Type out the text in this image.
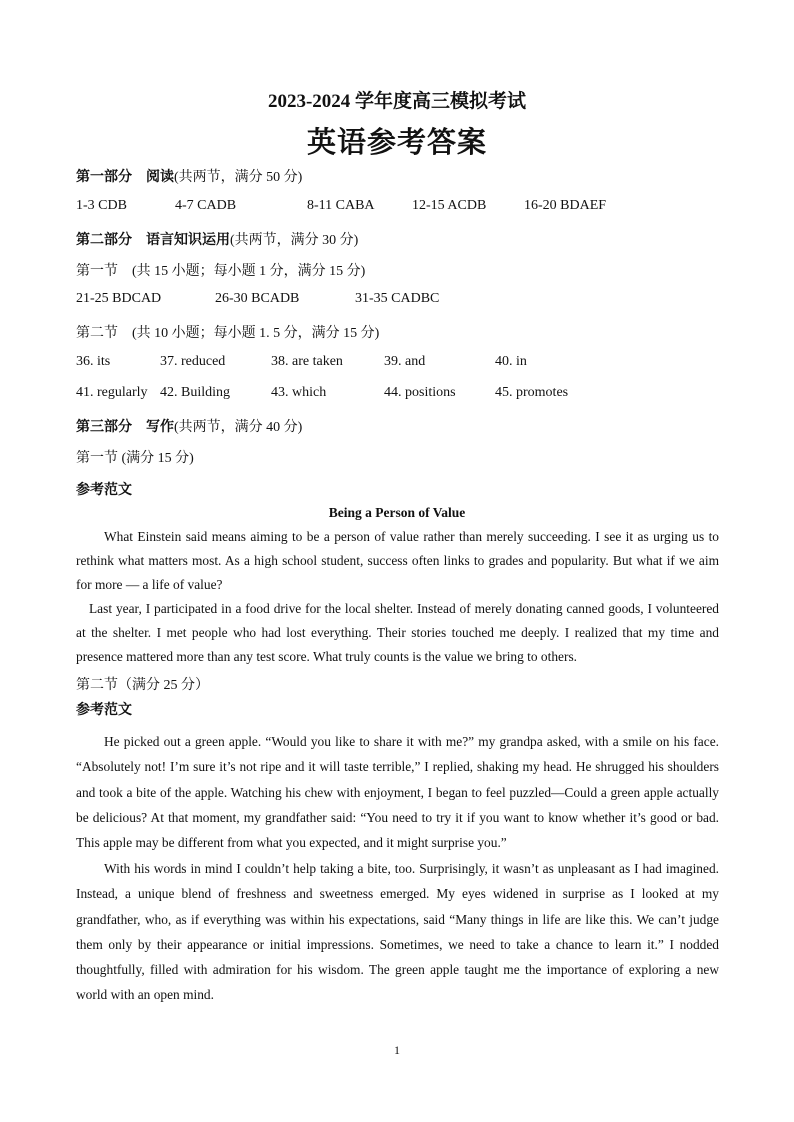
2023-2024 学年度高三模拟考试
英语参考答案
第一部分　阅读(共两节，满分 50 分)
1-3 CDB	4-7 CADB	8-11 CABA	12-15 ACDB	16-20 BDAEF
第二部分　语言知识运用(共两节，满分 30 分)
第一节　(共 15 小题；每小题 1 分，满分 15 分)
21-25 BDCAD	26-30 BCADB	31-35 CADBC
第二节　(共 10 小题；每小题 1. 5 分，满分 15 分)
36. its	37. reduced	38. are taken	39. and	40. in
41. regularly 42. Building	43. which	44. positions	45. promotes
第三部分　写作(共两节，满分 40 分)
第一节 (满分 15 分)
参考范文
Being a Person of Value
What Einstein said means aiming to be a person of value rather than merely succeeding. I see it as urging us to rethink what matters most. As a high school student, success often links to grades and popularity. But what if we aim for more — a life of value?
Last year, I participated in a food drive for the local shelter. Instead of merely donating canned goods, I volunteered at the shelter. I met people who had lost everything. Their stories touched me deeply. I realized that my time and presence mattered more than any test score. What truly counts is the value we bring to others.
第二节（满分 25 分）
参考范文
He picked out a green apple. “Would you like to share it with me?” my grandpa asked, with a smile on his face. “Absolutely not! I’m sure it’s not ripe and it will taste terrible,” I replied, shaking my head. He shrugged his shoulders and took a bite of the apple. Watching his chew with enjoyment, I began to feel puzzled—Could a green apple actually be delicious? At that moment, my grandfather said: “You need to try it if you want to know whether it’s good or bad. This apple may be different from what you expected, and it might surprise you.”
With his words in mind I couldn’t help taking a bite, too. Surprisingly, it wasn’t as unpleasant as I had imagined. Instead, a unique blend of freshness and sweetness emerged. My eyes widened in surprise as I looked at my grandfather, who, as if everything was within his expectations, said “Many things in life are like this. We can’t judge them only by their appearance or initial impressions. Sometimes, we need to take a chance to learn it.” I nodded thoughtfully, filled with admiration for his wisdom. The green apple taught me the importance of exploring a new world with an open mind.
1
